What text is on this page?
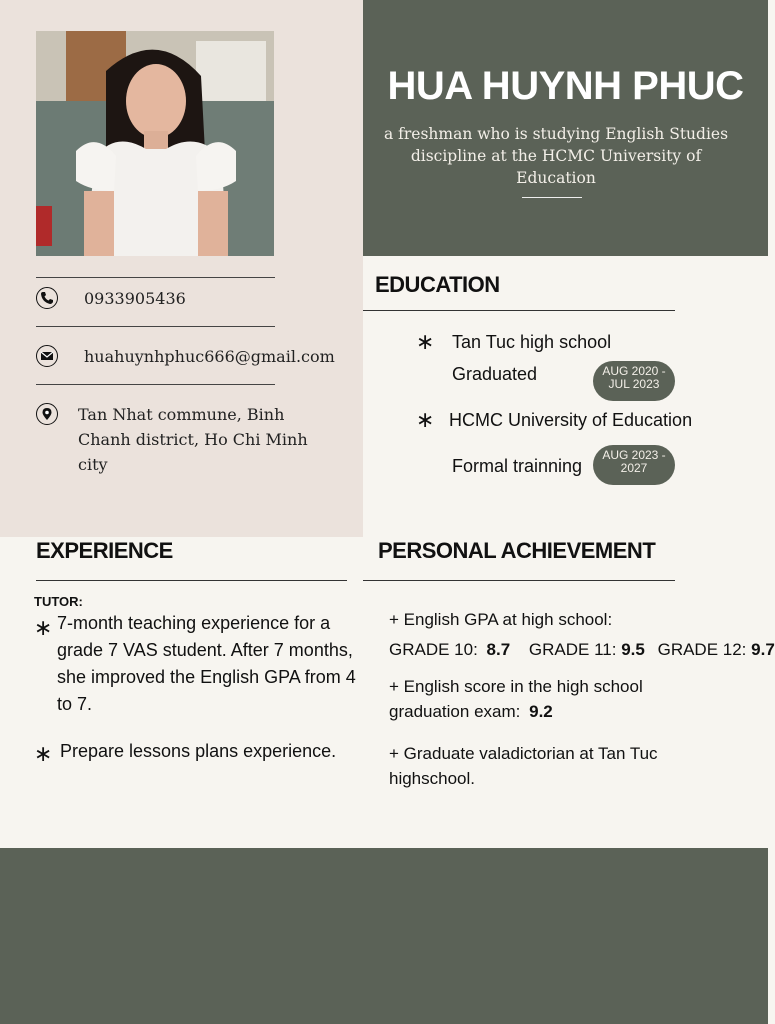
0933905436
huahuynhphuc666@gmail.com
Tan Nhat commune, Binh Chanh district, Ho Chi Minh city
HUA HUYNH PHUC
a freshman who is studying English Studies discipline at the HCMC University of Education
EDUCATION
∗ Tan Tuc high school
Graduated	AUG 2020 - JUL 2023
∗ HCMC University of Education
Formal trainning
AUG 2023 - 2027
EXPERIENCE
TUTOR:
∗ 7-month teaching experience for a grade 7 VAS student. After 7 months, she improved the English GPA from 4 to 7.
∗ Prepare lessons plans experience.
PERSONAL ACHIEVEMENT
+ English GPA at high school:
GRADE 10: 8.7 GRADE 11: 9.5 GRADE 12: 9.7
+ English score in the high school graduation exam: 9.2
+ Graduate valadictorian at Tan Tuc highschool.
